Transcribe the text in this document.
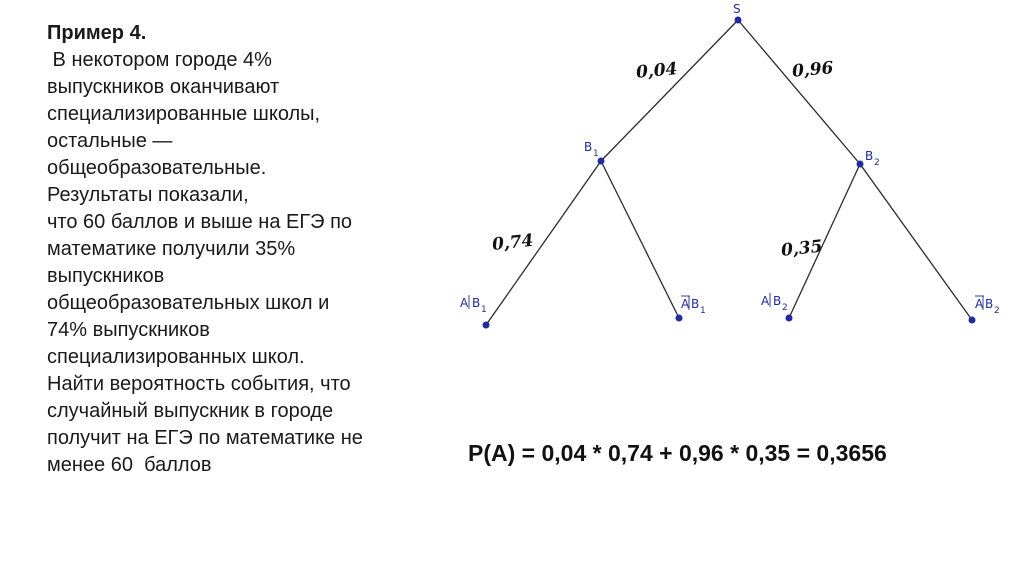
Пример 4.
В некотором городе 4%
выпускников оканчивают
специализированные школы,
остальные —
общеобразовательные.
Результаты показали,
что 60 баллов и выше на ЕГЭ по
математике получили 35%
выпускников
общеобразовательных школ и
74% выпускников
специализированных школ.
Найти вероятность события, что
случайный выпускник в городе
получит на ЕГЭ по математике не
менее 60  баллов
S
B 1	B 2
A B 1	A B 1
A B 2	A B 2
0,04	0,96
0,74	0,35
P(A) = 0,04 * 0,74 + 0,96 * 0,35 = 0,3656
